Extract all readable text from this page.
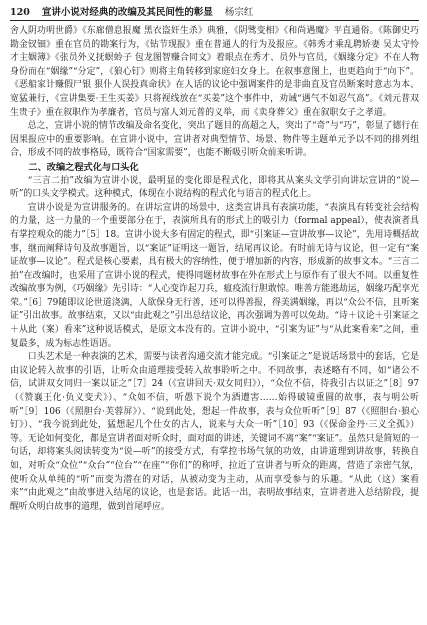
120 宣讲小说对经典的改编及其民间性的彰显 杨宗红

舍人阴功明世爵》《东廊僧息报魔 黑衣盗奸生杀》典雅，《阴骘变相》《和尚遇魔》平直通俗。《陈御史巧勘金钗钿》重在官员的勘案行为，《钻节现报》重在普通人的行为及报应。《韩秀才乘乱聘娇妻 吴太守怜才主姻簿》《张员外义抚螟蛉子 包龙图智赚合同文》着眼点在秀才、员外与官员，《姻缘分定》不在人物身份而在“姻缘”“分定”，《狼心钉》则将主角转移到家庭妇女身上。在叙事意图上，也更趋向于“向下”。《恶船家计赚假尸银 狠仆人误投真命状》在人话的议论中强调案件的是非曲直及官员断案时意志为本、宽猛兼行，《宣讲集要·王生买姜》只将视线放在“买姜”这个事件中，劝诫“遇气不如忍气高”。《刘元普双生贵子》重在叙职作为孝廉者，官员与富人刘元普的义举，而《卖身葬父》重在叙职女子之孝道。

总之，宣讲小说的情节改编及命名变化，突出了题目的高超之人，突出了“奇”与“巧”，彰显了德行在因果报应中的重要影响。在宣讲小说中，宣讲者对典型情节、场景、物件等主题单元予以不同的排列组合，形成不同的故事格局，既符合“国家需要”，也能不断吸引听众前来听讲。

二、改编之程式化与口头化

“三言二拍”改编为宣讲小说，最明显的变化即是程式化，即将其从案头文学引向讲坛宣讲的“说—听”的口头文学模式。这种模式，体现在小说结构的程式化与语言的程式化上。

宣讲小说是为宣讲服务的。在讲坛宣讲的场景中，这类宣讲具有表演功能，“表演具有转变社会结构的力量，这一力量的一个重要部分在于，表演所具有的形式上的吸引力（formal appeal），使表演者具有掌控观众的能力”［5］18。宣讲小说大多有固定的程式，即“引案证—宣讲故事—议论”，先用诗概括故事，继而阐释诗句及故事题旨，以“案证”证明这一题旨，结尾再议论。有时前无诗与议论，但一定有“案证故事—议论”。程式是核心要素，具有极大的容纳性，便于增加新的内容，形成新的故事文本。“三言二拍”在改编时，也采用了宣讲小说的程式，使得同题材故事在外在形式上与原作有了很大不同。以重复性改编故事为例，《巧姻缘》先引诗：“人心变诈起刀兵，瘟疫流行胆敢惊。唯善方能逃劫运，姻缘巧配享光荣。”［6］79随即议论世道浇漓，人欲保身无行善，还可以得善报，得美满姻缘，再以“众公不信，且听案证”引出故事。故事结束，又以“由此观之”引出总结议论，再次强调为善可以免劫。“诗＋议论＋引案证之＋从此（案）看来”这种说话模式，是原文本没有的。宣讲小说中，“引案为证”与“从此案看来”之间，重复最多，成为标志性语语。

口头艺术是一种表演的艺术，需要与读者沟通交流才能完成。“引案证之”是说话场景中的套话，它是由议论转入故事的引语，让听众由道理接受转入故事聆听之中。不同故事，表述略有不同，如“诸公不信，试讲双女同归一案以证之”［7］24（《宣讲回天·双女同归》），“众位不信，待我引古以证之”［8］97（《赞襄王化·负义变犬》）、“众如不信，听愚下说个为酒遭害……始得破镜重圆的故事，表与明公听听”［9］106（《照胆台·芙蓉屏》）、“说到此处，想起一件故事，表与众位听听”［9］87（《照胆台·狼心钉》）、“我今说到此处，猛想起几个仕女的古人，说来与大众一听”［10］93（《保命金丹·三义全孤》）等。无论如何变化，都是宣讲者面对听众时，面对面的讲述，关键词不离“案”“案证”。虽然只是简短的一句话，却将案头阅读转变为“说—听”的接受方式，有掌控书场气氛的功效，由讲道理到讲故事，转换自如，对听众“众位”“众台”“位台”“在座”“你们”的称呼，拉近了宣讲者与听众的距离，营造了亲密气氛，使听众从单纯的“听”而变为潜在的对话，从被动变为主动，从而享受参与的乐趣。“从此（这）案看来”“由此观之”由故事进入结尾的议论，也是套话。此话一出，表明故事结束，宣讲者进入总结阶段，提醒听众明白故事的道理，做到首尾呼应。
